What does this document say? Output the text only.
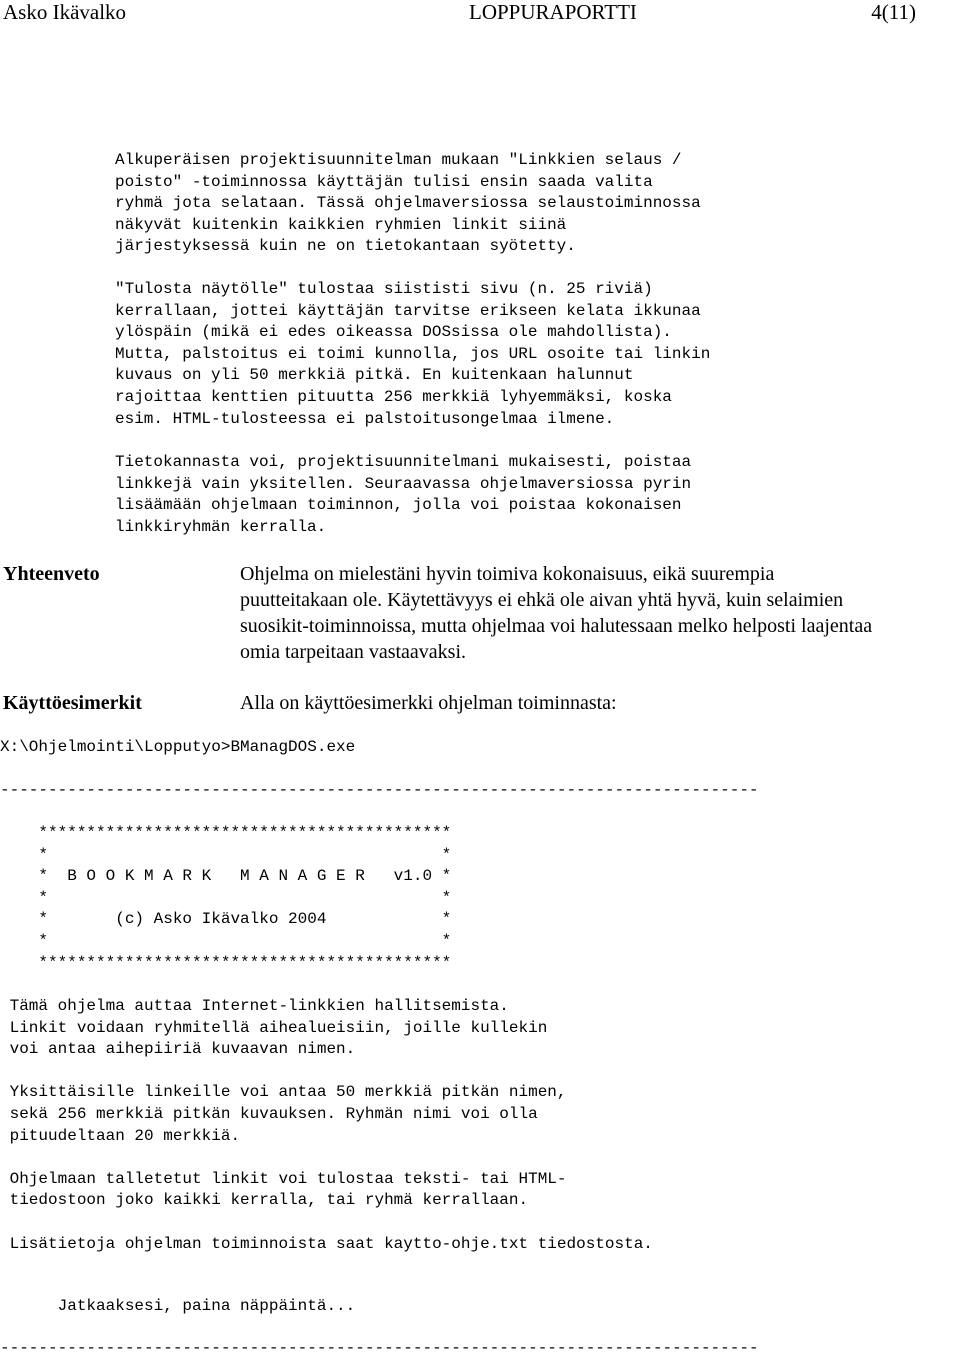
Asko Ikävalko	LOPPURAPORTTI	4(11)
Alkuperäisen projektisuunnitelman mukaan "Linkkien selaus /
poisto" -toiminnossa käyttäjän tulisi ensin saada valita
ryhmä jota selataan. Tässä ohjelmaversiossa selaustoiminnossa
näkyvät kuitenkin kaikkien ryhmien linkit siinä
järjestyksessä kuin ne on tietokantaan syötetty.
"Tulosta näytölle" tulostaa siististi sivu (n. 25 riviä)
kerrallaan, jottei käyttäjän tarvitse erikseen kelata ikkunaa
ylöspäin (mikä ei edes oikeassa DOSsissa ole mahdollista).
Mutta, palstoitus ei toimi kunnolla, jos URL osoite tai linkin
kuvaus on yli 50 merkkiä pitkä. En kuitenkaan halunnut
rajoittaa kenttien pituutta 256 merkkiä lyhyemmäksi, koska
esim. HTML-tulosteessa ei palstoitusongelmaa ilmene.
Tietokannasta voi, projektisuunnitelmani mukaisesti, poistaa
linkkejä vain yksitellen. Seuraavassa ohjelmaversiossa pyrin
lisäämään ohjelmaan toiminnon, jolla voi poistaa kokonaisen
linkkiryhmän kerralla.
Yhteenveto	Ohjelma on mielestäni hyvin toimiva kokonaisuus, eikä suurempia
puutteitakaan ole. Käytettävyys ei ehkä ole aivan yhtä hyvä, kuin selaimien
suosikit-toiminnoissa, mutta ohjelmaa voi halutessaan melko helposti laajentaa
omia tarpeitaan vastaavaksi.
Käyttöesimerkit	Alla on käyttöesimerkki ohjelman toiminnasta:
X:\Ohjelmointi\Lopputyo>BManagDOS.exe
-------------------------------------------------------------------------------
*******************************************
*                                         *
*  B O O K M A R K   M A N A G E R   v1.0 *
*                                         *
*       (c) Asko Ikävalko 2004            *
*                                         *
*******************************************
Tämä ohjelma auttaa Internet-linkkien hallitsemista.
Linkit voidaan ryhmitellä aihealueisiin, joille kullekin
voi antaa aihepiiriä kuvaavan nimen.

Yksittäisille linkeille voi antaa 50 merkkiä pitkän nimen,
sekä 256 merkkiä pitkän kuvauksen. Ryhmän nimi voi olla
pituudeltaan 20 merkkiä.

Ohjelmaan talletetut linkit voi tulostaa teksti- tai HTML-
tiedostoon joko kaikki kerralla, tai ryhmä kerrallaan.

Lisätietoja ohjelman toiminnoista saat kaytto-ohje.txt tiedostosta.
Jatkaaksesi, paina näppäintä...
-------------------------------------------------------------------------------
